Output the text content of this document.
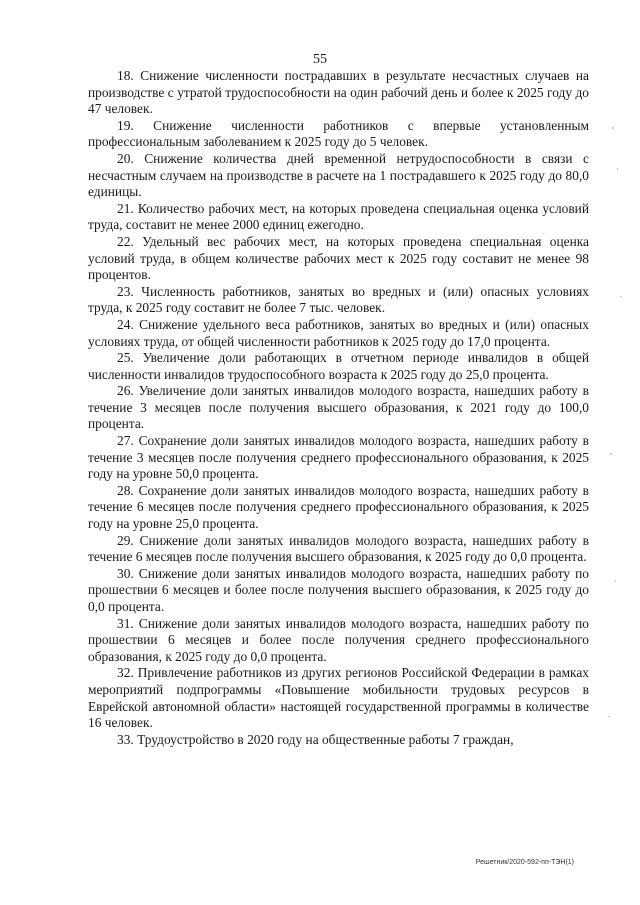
55

18. Снижение численности пострадавших в результате несчастных случаев на производстве с утратой трудоспособности на один рабочий день и более к 2025 году до 47 человек.

19. Снижение численности работников с впервые установленным профессиональным заболеванием к 2025 году до 5 человек.

20. Снижение количества дней временной нетрудоспособности в связи с несчастным случаем на производстве в расчете на 1 пострадавшего к 2025 году до 80,0 единицы.

21. Количество рабочих мест, на которых проведена специальная оценка условий труда, составит не менее 2000 единиц ежегодно.

22. Удельный вес рабочих мест, на которых проведена специальная оценка условий труда, в общем количестве рабочих мест к 2025 году составит не менее 98 процентов.

23. Численность работников, занятых во вредных и (или) опасных условиях труда, к 2025 году составит не более 7 тыс. человек.

24. Снижение удельного веса работников, занятых во вредных и (или) опасных условиях труда, от общей численности работников к 2025 году до 17,0 процента.

25. Увеличение доли работающих в отчетном периоде инвалидов в общей численности инвалидов трудоспособного возраста к 2025 году до 25,0 процента.

26. Увеличение доли занятых инвалидов молодого возраста, нашедших работу в течение 3 месяцев после получения высшего образования, к 2021 году до 100,0 процента.

27. Сохранение доли занятых инвалидов молодого возраста, нашедших работу в течение 3 месяцев после получения среднего профессионального образования, к 2025 году на уровне 50,0 процента.

28. Сохранение доли занятых инвалидов молодого возраста, нашедших работу в течение 6 месяцев после получения среднего профессионального образования, к 2025 году на уровне 25,0 процента.

29. Снижение доли занятых инвалидов молодого возраста, нашедших работу в течение 6 месяцев после получения высшего образования, к 2025 году до 0,0 процента.

30. Снижение доли занятых инвалидов молодого возраста, нашедших работу по прошествии 6 месяцев и более после получения высшего образования, к 2025 году до 0,0 процента.

31. Снижение доли занятых инвалидов молодого возраста, нашедших работу по прошествии 6 месяцев и более после получения среднего профессионального образования, к 2025 году до 0,0 процента.

32. Привлечение работников из других регионов Российской Федерации в рамках мероприятий подпрограммы «Повышение мобильности трудовых ресурсов в Еврейской автономной области» настоящей государственной программы в количестве 16 человек.

33. Трудоустройство в 2020 году на общественные работы 7 граждан,

Решетник/2020-592-пп-ТЭН(1)
